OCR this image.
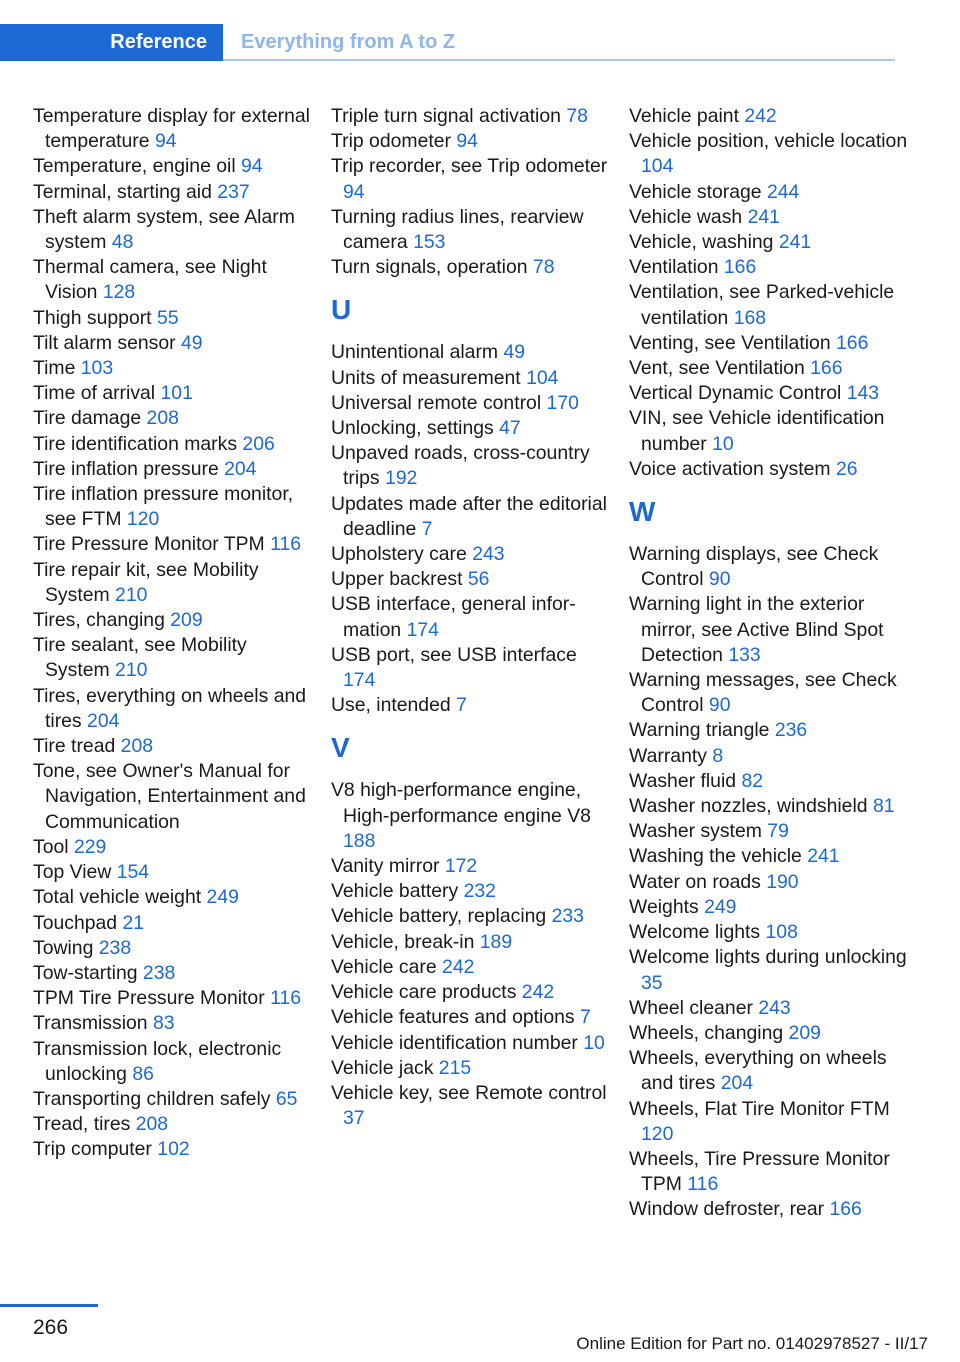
Reference Everything from A to Z
Temperature display for external temperature 94
Temperature, engine oil 94
Terminal, starting aid 237
Theft alarm system, see Alarm system 48
Thermal camera, see Night Vision 128
Thigh support 55
Tilt alarm sensor 49
Time 103
Time of arrival 101
Tire damage 208
Tire identification marks 206
Tire inflation pressure 204
Tire inflation pressure monitor, see FTM 120
Tire Pressure Monitor TPM 116
Tire repair kit, see Mobility System 210
Tires, changing 209
Tire sealant, see Mobility System 210
Tires, everything on wheels and tires 204
Tire tread 208
Tone, see Owner's Manual for Navigation, Entertainment and Communication
Tool 229
Top View 154
Total vehicle weight 249
Touchpad 21
Towing 238
Tow-starting 238
TPM Tire Pressure Monitor 116
Transmission 83
Transmission lock, electronic unlocking 86
Transporting children safely 65
Tread, tires 208
Trip computer 102
Triple turn signal activation 78
Trip odometer 94
Trip recorder, see Trip odometer 94
Turning radius lines, rearview camera 153
Turn signals, operation 78
U
Unintentional alarm 49
Units of measurement 104
Universal remote control 170
Unlocking, settings 47
Unpaved roads, cross-country trips 192
Updates made after the editorial deadline 7
Upholstery care 243
Upper backrest 56
USB interface, general information 174
USB port, see USB interface 174
Use, intended 7
V
V8 high-performance engine, High-performance engine V8 188
Vanity mirror 172
Vehicle battery 232
Vehicle battery, replacing 233
Vehicle, break-in 189
Vehicle care 242
Vehicle care products 242
Vehicle features and options 7
Vehicle identification number 10
Vehicle jack 215
Vehicle key, see Remote control 37
Vehicle paint 242
Vehicle position, vehicle location 104
Vehicle storage 244
Vehicle wash 241
Vehicle, washing 241
Ventilation 166
Ventilation, see Parked-vehicle ventilation 168
Venting, see Ventilation 166
Vent, see Ventilation 166
Vertical Dynamic Control 143
VIN, see Vehicle identification number 10
Voice activation system 26
W
Warning displays, see Check Control 90
Warning light in the exterior mirror, see Active Blind Spot Detection 133
Warning messages, see Check Control 90
Warning triangle 236
Warranty 8
Washer fluid 82
Washer nozzles, windshield 81
Washer system 79
Washing the vehicle 241
Water on roads 190
Weights 249
Welcome lights 108
Welcome lights during unlocking 35
Wheel cleaner 243
Wheels, changing 209
Wheels, everything on wheels and tires 204
Wheels, Flat Tire Monitor FTM 120
Wheels, Tire Pressure Monitor TPM 116
Window defroster, rear 166
266
Online Edition for Part no. 01402978527 - II/17
